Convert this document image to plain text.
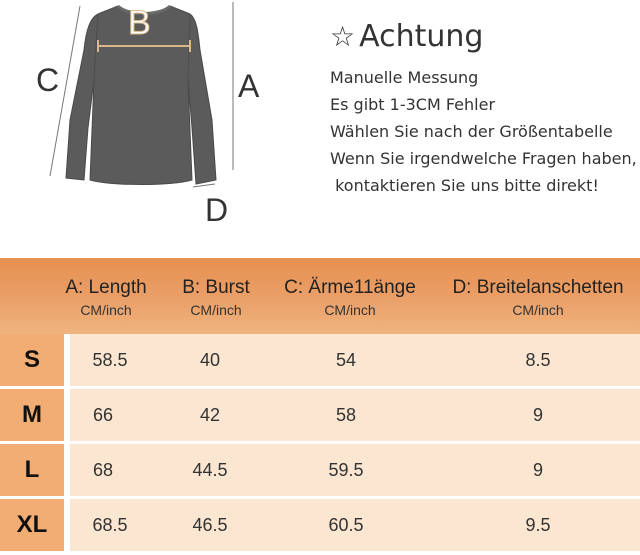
B
C	A
D
☆ Achtung
Manuelle Messung
Es gibt 1-3CM Fehler
Wählen Sie nach der Größentabelle
Wenn Sie irgendwelche Fragen haben,
kontaktieren Sie uns bitte direkt!
A: Length
CM/inch
B: Burst
CM/inch
C: Ärme11änge
CM/inch
D: Breitelanschetten
CM/inch
S	58.5	40	54	8.5
M	66	42	58	9
L	68	44.5	59.5	9
XL	68.5	46.5	60.5	9.5
